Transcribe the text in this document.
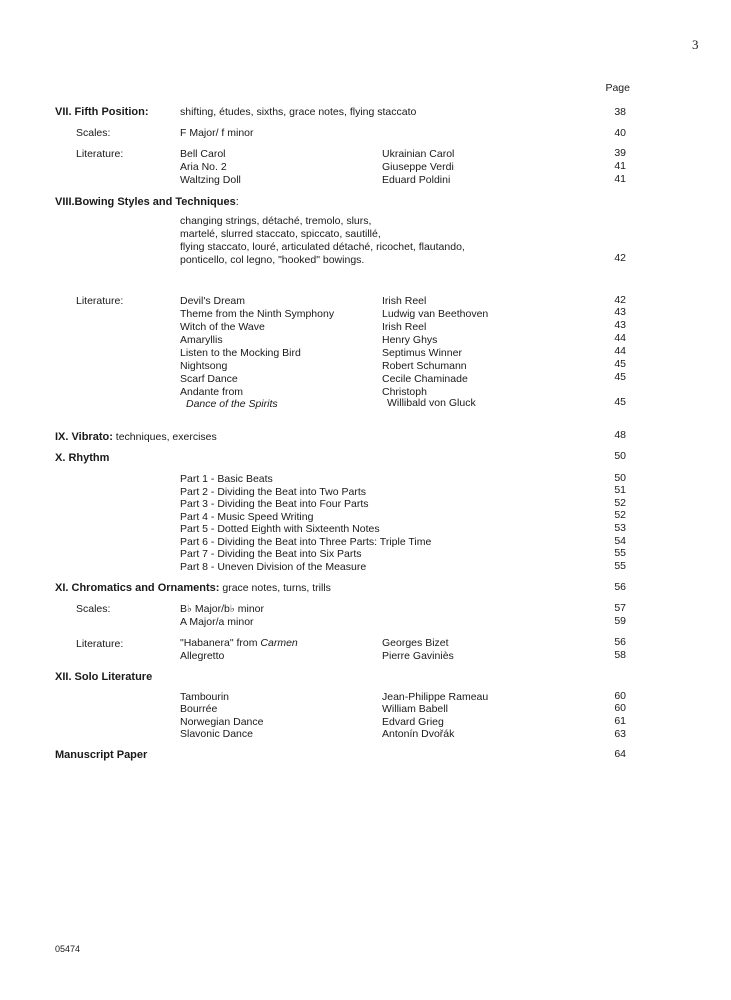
3
Page
VII. Fifth Position:	shifting, études, sixths, grace notes, flying staccato	38
Scales:	F Major/ f minor	40
Literature:	Bell Carol	Ukrainian Carol	39
Aria No. 2	Giuseppe Verdi	41
Waltzing Doll	Eduard Poldini	41
VIII.Bowing Styles and Techniques:
changing strings, détaché, tremolo, slurs,
martelé, slurred staccato, spiccato, sautillé,
flying staccato, louré, articulated détaché, ricochet, flautando,
ponticello, col legno, "hooked" bowings.	42
Literature:	Devil's Dream	Irish Reel	42
Theme from the Ninth Symphony	Ludwig van Beethoven	43
Witch of the Wave	Irish Reel	43
Amaryllis	Henry Ghys	44
Listen to the Mocking Bird	Septimus Winner	44
Nightsong	Robert Schumann	45
Scarf Dance	Cecile Chaminade	45
Andante from	Christoph
Dance of the Spirits	Willibald von Gluck	45
IX. Vibrato: techniques, exercises	48
X. Rhythm	50
Part 1 - Basic Beats	50
Part 2 - Dividing the Beat into Two Parts	51
Part 3 - Dividing the Beat into Four Parts	52
Part 4 - Music Speed Writing	52
Part 5 - Dotted Eighth with Sixteenth Notes	53
Part 6 - Dividing the Beat into Three Parts: Triple Time	54
Part 7 - Dividing the Beat into Six Parts	55
Part 8 - Uneven Division of the Measure	55
XI. Chromatics and Ornaments: grace notes, turns, trills	56
Scales:	B♭ Major/b♭ minor	57
A Major/a minor	59
Literature:	"Habanera" from Carmen	Georges Bizet	56
Allegretto	Pierre Gaviniès	58
XII. Solo Literature
Tambourin	Jean-Philippe Rameau	60
Bourrée	William Babell	60
Norwegian Dance	Edvard Grieg	61
Slavonic Dance	Antonín Dvořák	63
Manuscript Paper	64
05474
